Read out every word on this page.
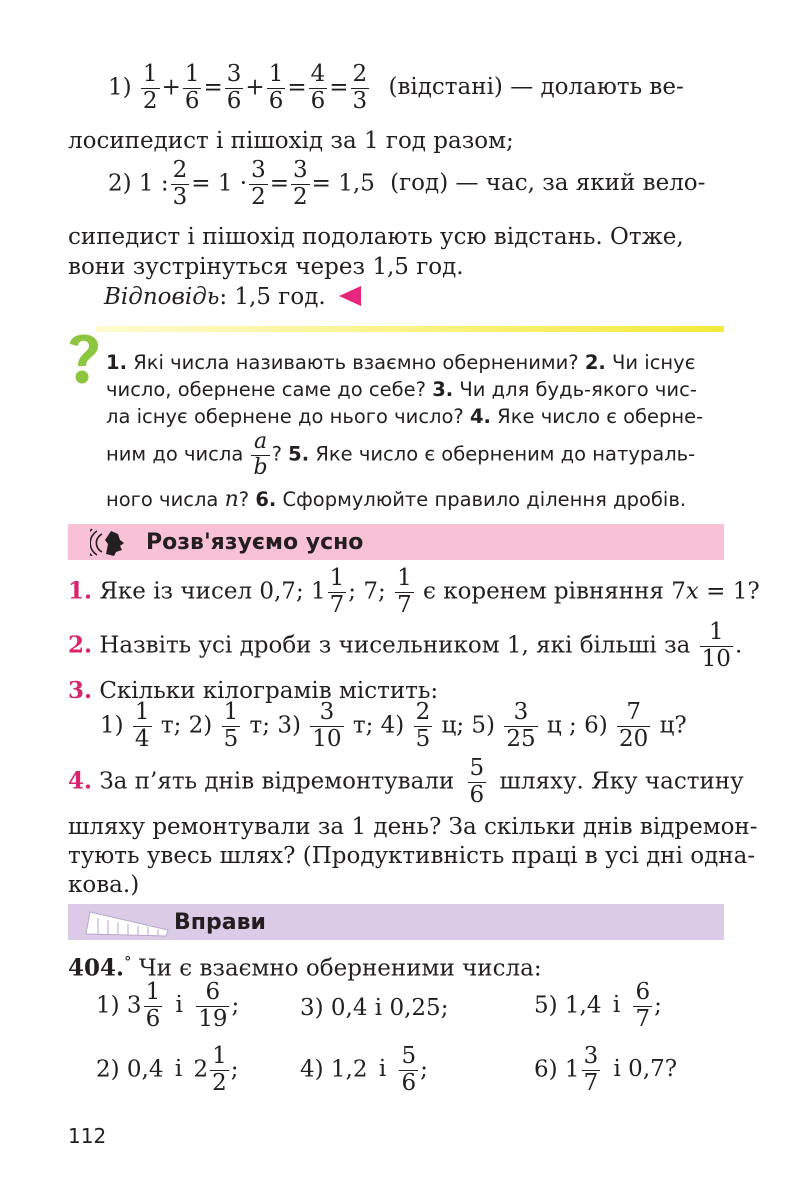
$1) \frac{1}{2} + \frac{1}{6} = \frac{3}{6} + \frac{1}{6} = \frac{4}{6} = \frac{2}{3}$ (відстані) — долають ве-
лосипедист і пішохід за 1 год разом;
2) 1 : $\frac{2}{3} = 1 \cdot \frac{3}{2} = \frac{3}{2} = 1,5$ (год) — час, за який вело-
сипедист і пішохід подолають усю відстань. Отже,
вони зустрінуться через 1,5 год.
Відповідь: 1,5 год.
1. Які числа називають взаємно оберненими? 2. Чи існує
число, обернене саме до себе? 3. Чи для будь-якого чис-
ла існує обернене до нього число? 4. Яке число є оберне-
ним до числа $\frac{a}{b}$ ? 5. Яке число є оберненим до натураль-
ного числа n? 6. Сформулюйте правило ділення дробів.
Розв'язуємо усно
1. Яке із чисел 0,7; $1 \frac{1}{7}$ ; 7; $\frac{1}{7}$ є коренем рівняння 7x = 1?
2. Назвіть усі дроби з чисельником 1, які більші за $\frac{1}{10}$ .
3. Скільки кілограмів містить:
$1) \frac{1}{4} т$; $2) \frac{1}{5} т$; $3) \frac{3}{10} т$; $4) \frac{2}{5} ц$; $5) \frac{3}{25}$ ц ; $6) \frac{7}{20} ц$?
4. За п’ять днів відремонтували $\frac{5}{6}$ шляху. Яку частину
шляху ремонтували за 1 день? За скільки днів відремон-
тують увесь шлях? (Продуктивність праці в усі дні одна-
кова.)
Вправи
404.° Чи є взаємно оберненими числа:
1) $3 \frac{1}{6}$ і $\frac{6}{19}$ ;	3) 0,4 і 0,25;	5) 1,4 і $\frac{6}{7}$ ;
2) 0,4 і $2 \frac{1}{2}$ ;	4) 1,2 і $\frac{5}{6}$ ;	6) $1 \frac{3}{7}$ і 0,7?
112
